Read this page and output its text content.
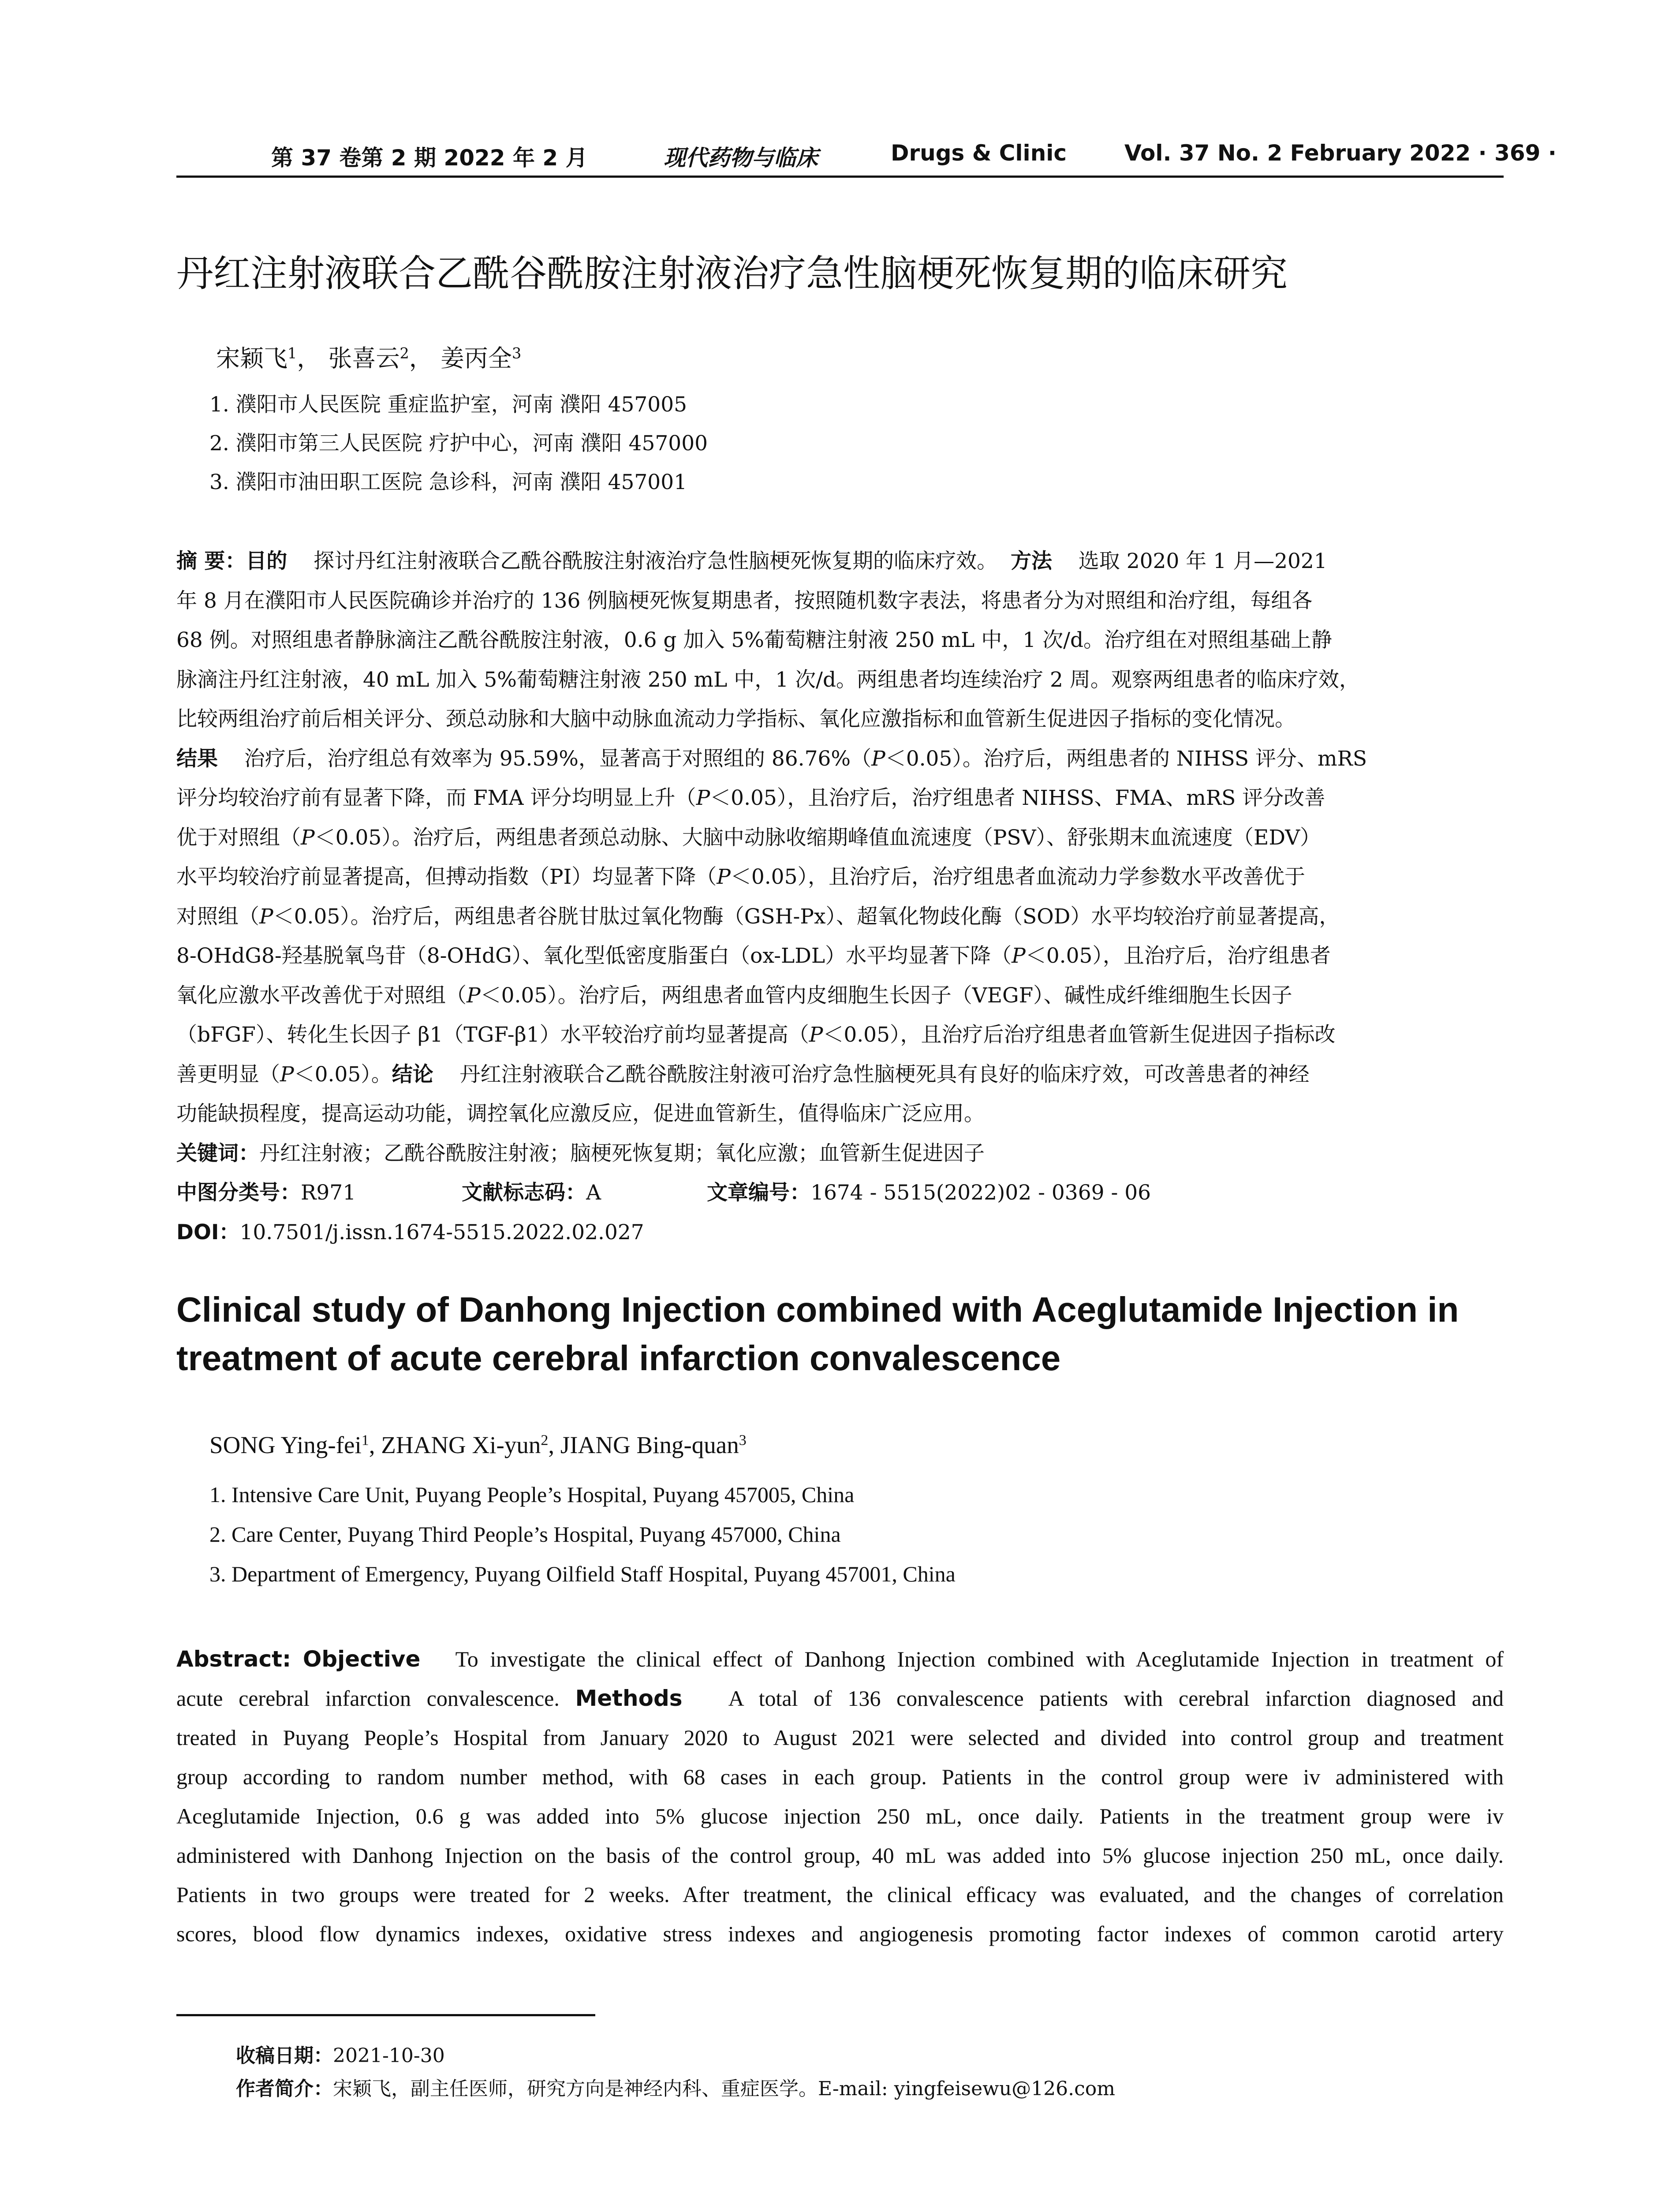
第 37 卷第 2 期 2022 年 2 月	现代药物与临床	Drugs & Clinic	Vol. 37 No. 2 February 2022 · 369 ·
丹红注射液联合乙酰谷酰胺注射液治疗急性脑梗死恢复期的临床研究
宋颖飞$^1$， 张喜云$^2$， 姜丙全$^3$
1. 濮阳市人民医院 重症监护室，河南 濮阳 457005
2. 濮阳市第三人民医院 疗护中心，河南 濮阳 457000
3. 濮阳市油田职工医院 急诊科，河南 濮阳 457001
摘 要：目的 探讨丹红注射液联合乙酰谷酰胺注射液治疗急性脑梗死恢复期的临床疗效。 方法 选取 2020 年 1 月—2021
年 8 月在濮阳市人民医院确诊并治疗的 136 例脑梗死恢复期患者，按照随机数字表法，将患者分为对照组和治疗组，每组各
68 例。对照组患者静脉滴注乙酰谷酰胺注射液，0.6 g 加入 5%葡萄糖注射液 250 mL 中，1 次/d。治疗组在对照组基础上静
脉滴注丹红注射液，40 mL 加入 5%葡萄糖注射液 250 mL 中，1 次/d。两组患者均连续治疗 2 周。观察两组患者的临床疗效，
比较两组治疗前后相关评分、颈总动脉和大脑中动脉血流动力学指标、氧化应激指标和血管新生促进因子指标的变化情况。
结果 治疗后，治疗组总有效率为 95.59%，显著高于对照组的 86.76%（P＜0.05）。治疗后，两组患者的 NIHSS 评分、mRS
评分均较治疗前有显著下降，而 FMA 评分均明显上升（P＜0.05），且治疗后，治疗组患者 NIHSS、FMA、mRS 评分改善
优于对照组（P＜0.05）。治疗后，两组患者颈总动脉、大脑中动脉收缩期峰值血流速度（PSV）、舒张期末血流速度（EDV）
水平均较治疗前显著提高，但搏动指数（PI）均显著下降（P＜0.05），且治疗后，治疗组患者血流动力学参数水平改善优于
对照组（P＜0.05）。治疗后，两组患者谷胱甘肽过氧化物酶（GSH-Px）、超氧化物歧化酶（SOD）水平均较治疗前显著提高，
8-OHdG8-羟基脱氧鸟苷（8-OHdG）、氧化型低密度脂蛋白（ox-LDL）水平均显著下降（P＜0.05），且治疗后，治疗组患者
氧化应激水平改善优于对照组（P＜0.05）。治疗后，两组患者血管内皮细胞生长因子（VEGF）、碱性成纤维细胞生长因子
（bFGF）、转化生长因子 β1（TGF-β1）水平较治疗前均显著提高（P＜0.05），且治疗后治疗组患者血管新生促进因子指标改
善更明显（P＜0.05）。结论 丹红注射液联合乙酰谷酰胺注射液可治疗急性脑梗死具有良好的临床疗效，可改善患者的神经
功能缺损程度，提高运动功能，调控氧化应激反应，促进血管新生，值得临床广泛应用。
关键词：丹红注射液；乙酰谷酰胺注射液；脑梗死恢复期；氧化应激；血管新生促进因子
中图分类号：R971	文献标志码：A	文章编号：1674 - 5515(2022)02 - 0369 - 06
DOI：10.7501/j.issn.1674-5515.2022.02.027
Clinical study of Danhong Injection combined with Aceglutamide Injection in
treatment of acute cerebral infarction convalescence
SONG Ying-fei$^1$, ZHANG Xi-yun$^2$, JIANG Bing-quan$^3$
1. Intensive Care Unit, Puyang People’s Hospital, Puyang 457005, China
2. Care Center, Puyang Third People’s Hospital, Puyang 457000, China
3. Department of Emergency, Puyang Oilfield Staff Hospital, Puyang 457001, China
Abstract: Objective To investigate the clinical effect of Danhong Injection combined with Aceglutamide Injection in treatment of
acute cerebral infarction convalescence. Methods A total of 136 convalescence patients with cerebral infarction diagnosed and
treated in Puyang People’s Hospital from January 2020 to August 2021 were selected and divided into control group and treatment
group according to random number method, with 68 cases in each group. Patients in the control group were iv administered with
Aceglutamide Injection, 0.6 g was added into 5% glucose injection 250 mL, once daily. Patients in the treatment group were iv
administered with Danhong Injection on the basis of the control group, 40 mL was added into 5% glucose injection 250 mL, once daily.
Patients in two groups were treated for 2 weeks. After treatment, the clinical efficacy was evaluated, and the changes of correlation
scores, blood flow dynamics indexes, oxidative stress indexes and angiogenesis promoting factor indexes of common carotid artery
收稿日期：2021-10-30
作者简介：宋颖飞，副主任医师，研究方向是神经内科、重症医学。E-mail: yingfeisewu@126.com
